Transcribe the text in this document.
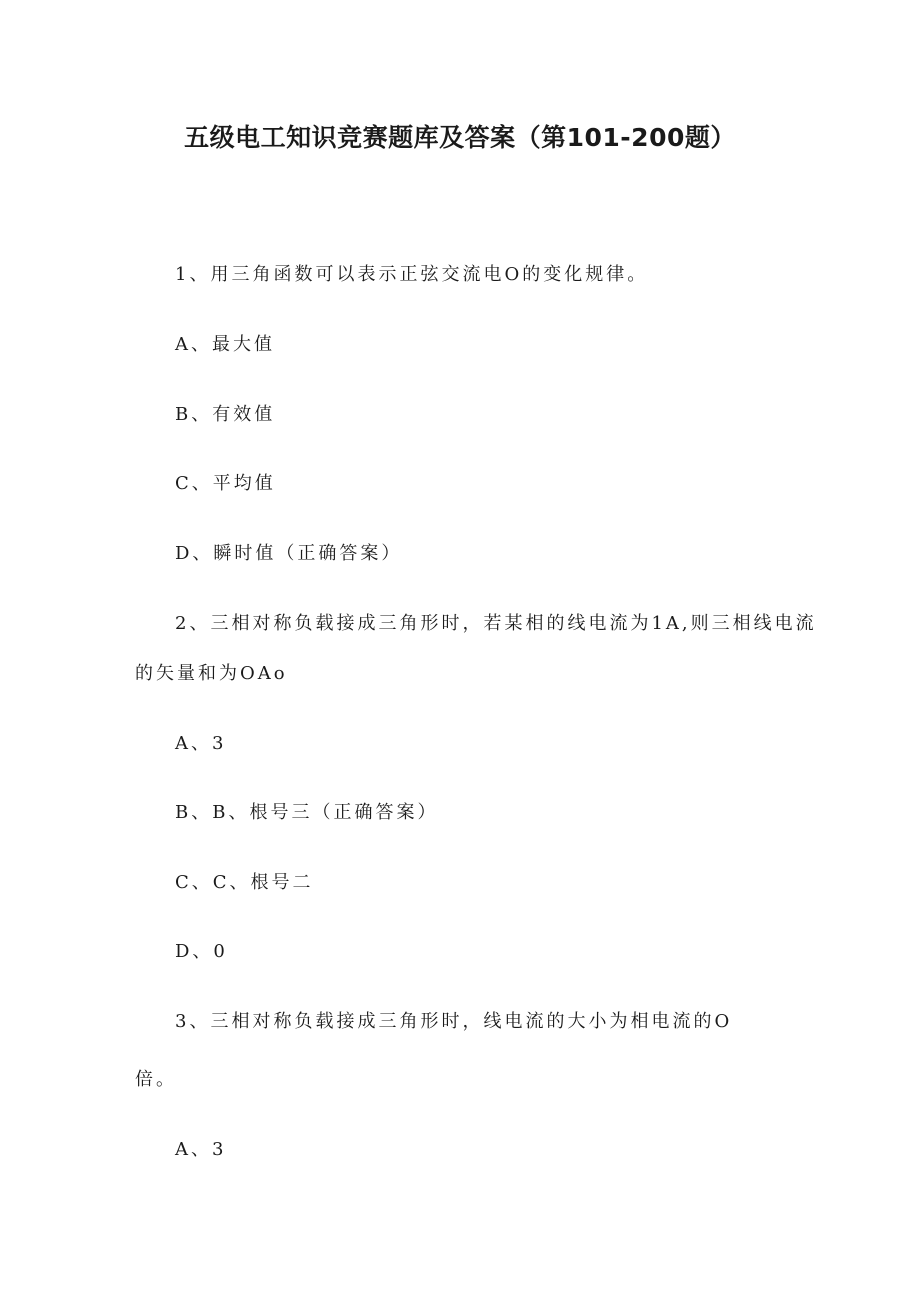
五级电工知识竞赛题库及答案（第101-200题）
1、用三角函数可以表示正弦交流电O的变化规律。
A、最大值
B、有效值
C、平均值
D、瞬时值（正确答案）
2、三相对称负载接成三角形时，若某相的线电流为1A,则三相线电流
的矢量和为OAo
A、3
B、B、根号三（正确答案）
C、C、根号二
D、0
3、三相对称负载接成三角形时，线电流的大小为相电流的O
倍。
A、3
